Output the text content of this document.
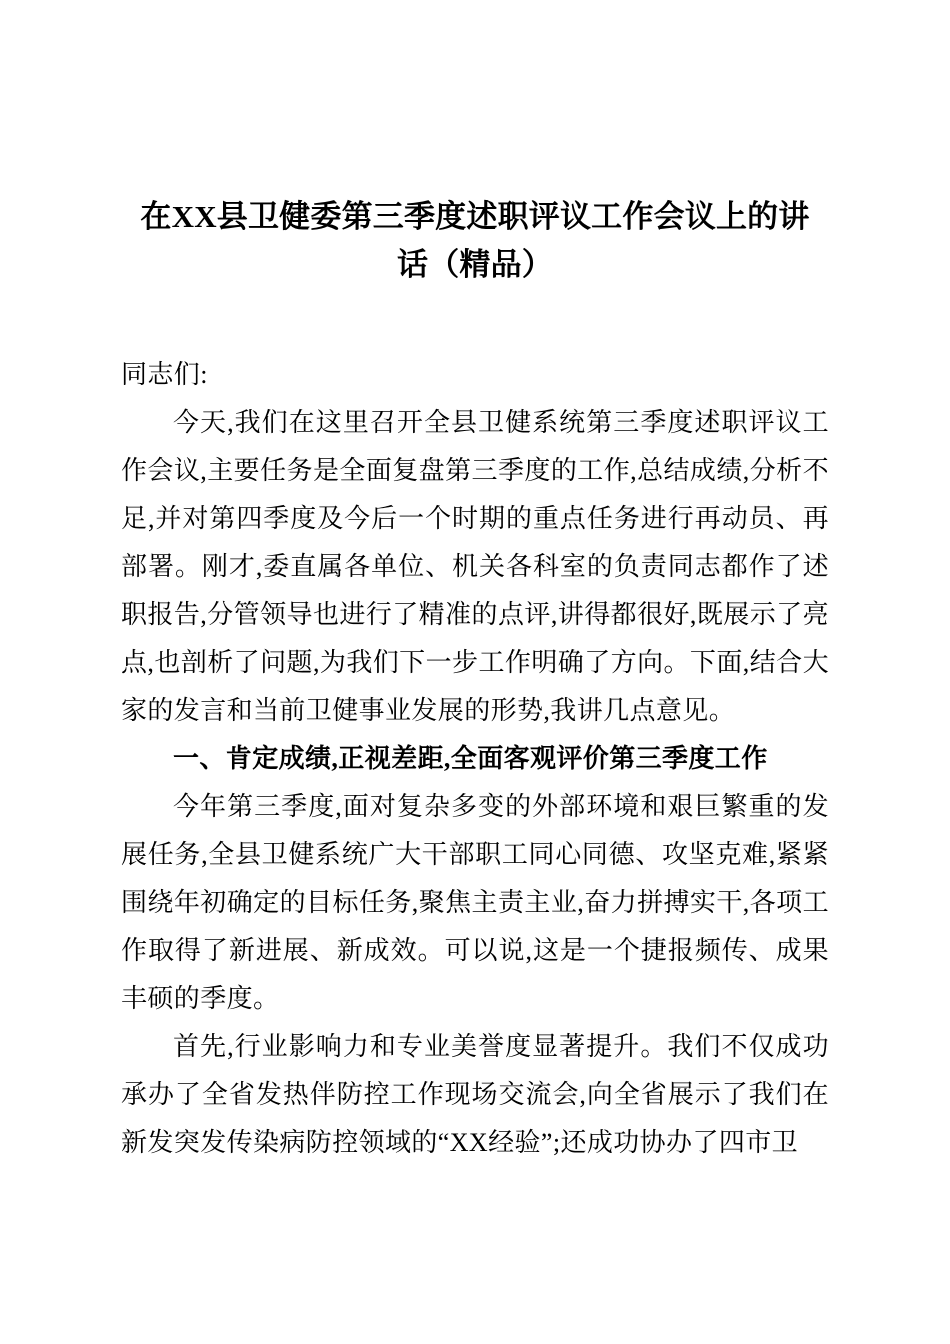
在XX县卫健委第三季度述职评议工作会议上的讲话（精品）

同志们:

今天,我们在这里召开全县卫健系统第三季度述职评议工作会议,主要任务是全面复盘第三季度的工作,总结成绩,分析不足,并对第四季度及今后一个时期的重点任务进行再动员、再部署。刚才,委直属各单位、机关各科室的负责同志都作了述职报告,分管领导也进行了精准的点评,讲得都很好,既展示了亮点,也剖析了问题,为我们下一步工作明确了方向。下面,结合大家的发言和当前卫健事业发展的形势,我讲几点意见。

一、肯定成绩,正视差距,全面客观评价第三季度工作

今年第三季度,面对复杂多变的外部环境和艰巨繁重的发展任务,全县卫健系统广大干部职工同心同德、攻坚克难,紧紧围绕年初确定的目标任务,聚焦主责主业,奋力拼搏实干,各项工作取得了新进展、新成效。可以说,这是一个捷报频传、成果丰硕的季度。

首先,行业影响力和专业美誉度显著提升。我们不仅成功承办了全省发热伴防控工作现场交流会,向全省展示了我们在新发突发传染病防控领域的“XX经验”;还成功协办了四市卫
